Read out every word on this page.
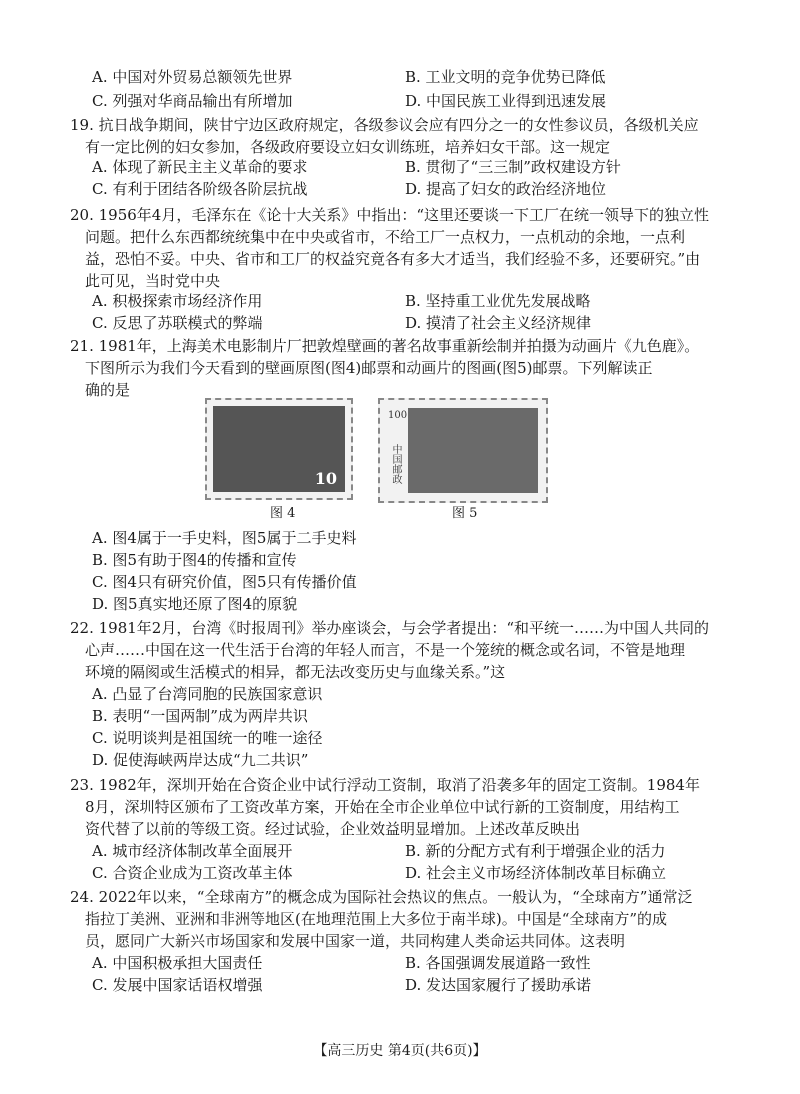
A. 中国对外贸易总额领先世界	B. 工业文明的竞争优势已降低
C. 列强对华商品输出有所增加	D. 中国民族工业得到迅速发展
19. 抗日战争期间，陕甘宁边区政府规定，各级参议会应有四分之一的女性参议员，各级机关应
有一定比例的妇女参加，各级政府要设立妇女训练班，培养妇女干部。这一规定
A. 体现了新民主主义革命的要求	B. 贯彻了“三三制”政权建设方针
C. 有利于团结各阶级各阶层抗战	D. 提高了妇女的政治经济地位
20. 1956年4月，毛泽东在《论十大关系》中指出：“这里还要谈一下工厂在统一领导下的独立性
问题。把什么东西都统统集中在中央或省市，不给工厂一点权力，一点机动的余地，一点利
益，恐怕不妥。中央、省市和工厂的权益究竟各有多大才适当，我们经验不多，还要研究。”由
此可见，当时党中央
A. 积极探索市场经济作用	B. 坚持重工业优先发展战略
C. 反思了苏联模式的弊端	D. 摸清了社会主义经济规律
21. 1981年，上海美术电影制片厂把敦煌壁画的著名故事重新绘制并拍摄为动画片《九色鹿》。
下图所示为我们今天看到的壁画原图(图4)邮票和动画片的图画(图5)邮票。下列解读正
确的是
10
100
中国邮政
图 4	图 5
A. 图4属于一手史料，图5属于二手史料
B. 图5有助于图4的传播和宣传
C. 图4只有研究价值，图5只有传播价值
D. 图5真实地还原了图4的原貌
22. 1981年2月，台湾《时报周刊》举办座谈会，与会学者提出：“和平统一……为中国人共同的
心声……中国在这一代生活于台湾的年轻人而言，不是一个笼统的概念或名词，不管是地理
环境的隔阂或生活模式的相异，都无法改变历史与血缘关系。”这
A. 凸显了台湾同胞的民族国家意识
B. 表明“一国两制”成为两岸共识
C. 说明谈判是祖国统一的唯一途径
D. 促使海峡两岸达成“九二共识”
23. 1982年，深圳开始在合资企业中试行浮动工资制，取消了沿袭多年的固定工资制。1984年
8月，深圳特区颁布了工资改革方案，开始在全市企业单位中试行新的工资制度，用结构工
资代替了以前的等级工资。经过试验，企业效益明显增加。上述改革反映出
A. 城市经济体制改革全面展开	B. 新的分配方式有利于增强企业的活力
C. 合资企业成为工资改革主体	D. 社会主义市场经济体制改革目标确立
24. 2022年以来，“全球南方”的概念成为国际社会热议的焦点。一般认为，“全球南方”通常泛
指拉丁美洲、亚洲和非洲等地区(在地理范围上大多位于南半球)。中国是“全球南方”的成
员，愿同广大新兴市场国家和发展中国家一道，共同构建人类命运共同体。这表明
A. 中国积极承担大国责任	B. 各国强调发展道路一致性
C. 发展中国家话语权增强	D. 发达国家履行了援助承诺
【高三历史 第4页(共6页)】
